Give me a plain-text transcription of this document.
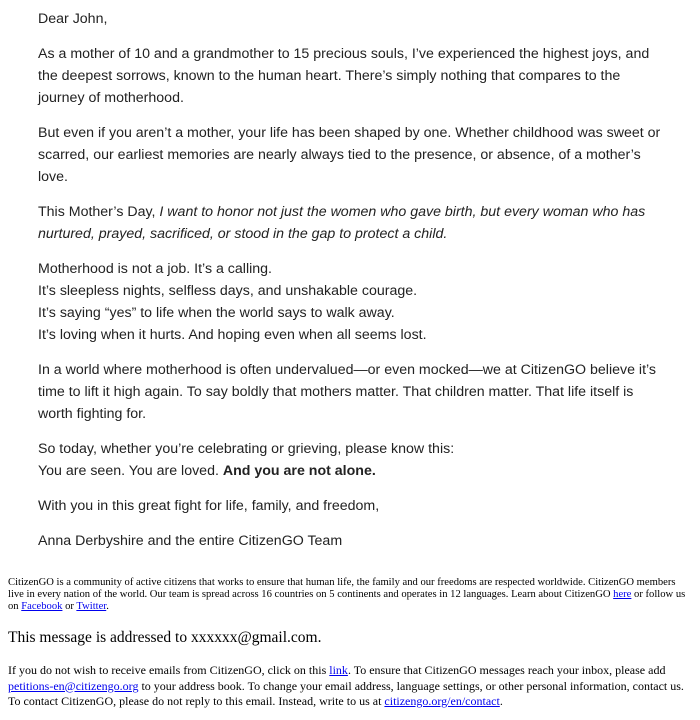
Dear John,

As a mother of 10 and a grandmother to 15 precious souls, I’ve experienced the highest joys, and the deepest sorrows, known to the human heart. There’s simply nothing that compares to the journey of motherhood.

But even if you aren’t a mother, your life has been shaped by one. Whether childhood was sweet or scarred, our earliest memories are nearly always tied to the presence, or absence, of a mother’s love.

This Mother’s Day, I want to honor not just the women who gave birth, but every woman who has nurtured, prayed, sacrificed, or stood in the gap to protect a child.

Motherhood is not a job. It’s a calling.
It’s sleepless nights, selfless days, and unshakable courage.
It’s saying “yes” to life when the world says to walk away.
It’s loving when it hurts. And hoping even when all seems lost.

In a world where motherhood is often undervalued—or even mocked—we at CitizenGO believe it’s time to lift it high again. To say boldly that mothers matter. That children matter. That life itself is worth fighting for.

So today, whether you’re celebrating or grieving, please know this:
You are seen. You are loved. And you are not alone.

With you in this great fight for life, family, and freedom,

Anna Derbyshire and the entire CitizenGO Team

CitizenGO is a community of active citizens that works to ensure that human life, the family and our freedoms are respected worldwide. CitizenGO members live in every nation of the world. Our team is spread across 16 countries on 5 continents and operates in 12 languages. Learn about CitizenGO here or follow us on Facebook or Twitter.
This message is addressed to xxxxxx@gmail.com.
If you do not wish to receive emails from CitizenGO, click on this link. To ensure that CitizenGO messages reach your inbox, please add petitions-en@citizengo.org to your address book. To change your email address, language settings, or other personal information, contact us. To contact CitizenGO, please do not reply to this email. Instead, write to us at citizengo.org/en/contact.
